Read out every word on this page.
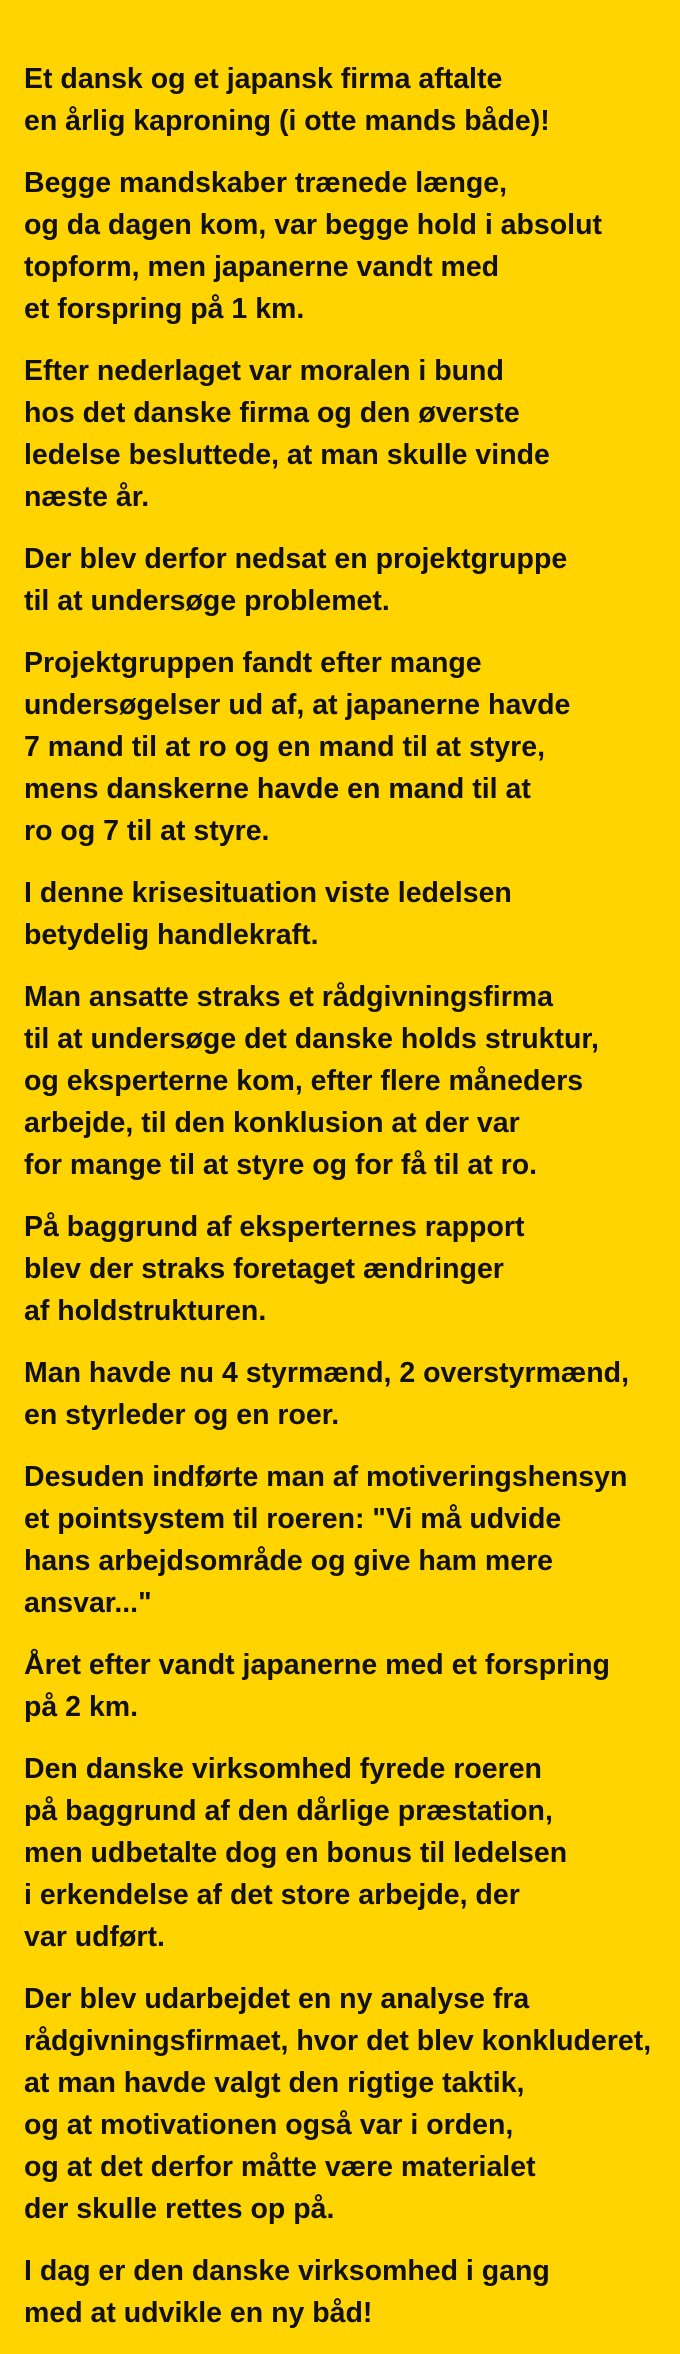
Et dansk og et japansk firma aftalte
en årlig kaproning (i otte mands både)!

Begge mandskaber trænede længe,
og da dagen kom, var begge hold i absolut
topform, men japanerne vandt med
et forspring på 1 km.

Efter nederlaget var moralen i bund
hos det danske firma og den øverste
ledelse besluttede, at man skulle vinde
næste år.

Der blev derfor nedsat en projektgruppe
til at undersøge problemet.

Projektgruppen fandt efter mange
undersøgelser ud af, at japanerne havde
7 mand til at ro og en mand til at styre,
mens danskerne havde en mand til at
ro og 7 til at styre.

I denne krisesituation viste ledelsen
betydelig handlekraft.

Man ansatte straks et rådgivningsfirma
til at undersøge det danske holds struktur,
og eksperterne kom, efter flere måneders
arbejde, til den konklusion at der var
for mange til at styre og for få til at ro.

På baggrund af eksperternes rapport
blev der straks foretaget ændringer
af holdstrukturen.

Man havde nu 4 styrmænd, 2 overstyrmænd,
en styrleder og en roer.

Desuden indførte man af motiveringshensyn
et pointsystem til roeren: "Vi må udvide
hans arbejdsområde og give ham mere
ansvar..."

Året efter vandt japanerne med et forspring
på 2 km.

Den danske virksomhed fyrede roeren
på baggrund af den dårlige præstation,
men udbetalte dog en bonus til ledelsen
i erkendelse af det store arbejde, der
var udført.

Der blev udarbejdet en ny analyse fra
rådgivningsfirmaet, hvor det blev konkluderet,
at man havde valgt den rigtige taktik,
og at motivationen også var i orden,
og at det derfor måtte være materialet
der skulle rettes op på.

I dag er den danske virksomhed i gang
med at udvikle en ny båd!
